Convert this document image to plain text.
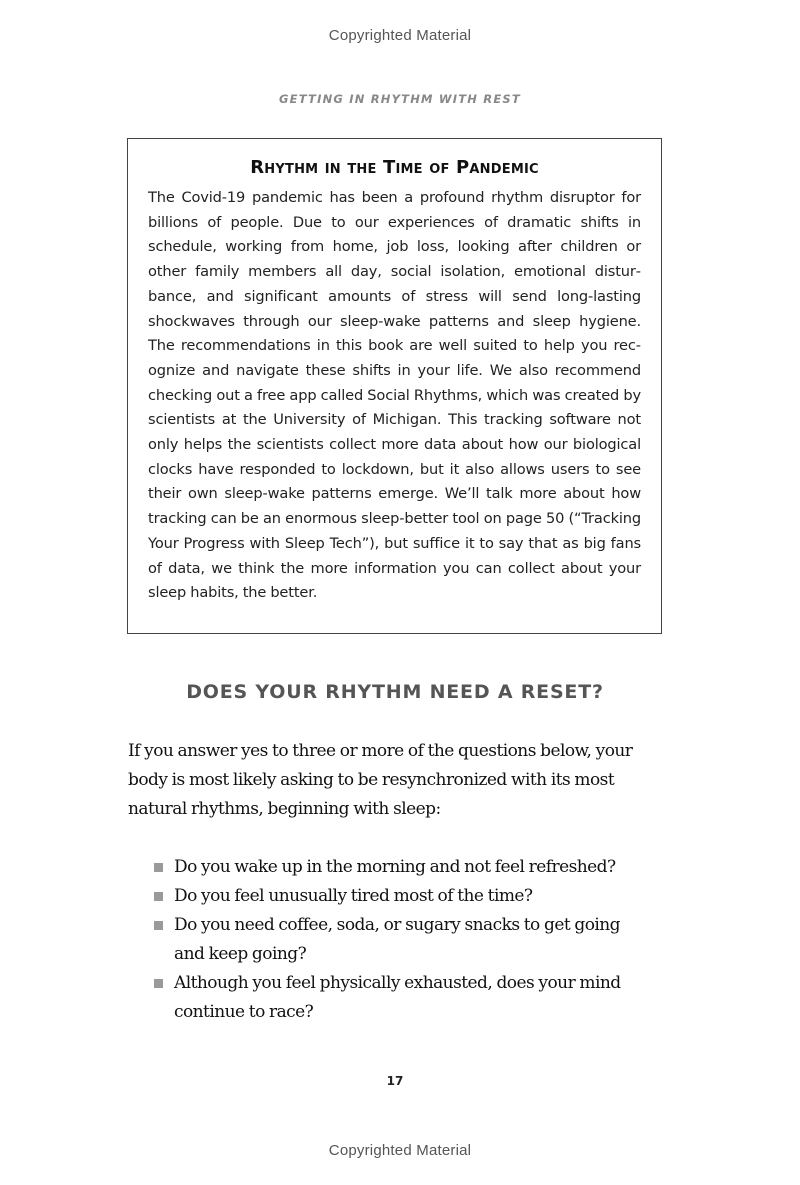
Copyrighted Material
GETTING IN RHYTHM WITH REST
Rhythm in the Time of Pandemic

The Covid-19 pandemic has been a profound rhythm disruptor for billions of people. Due to our experiences of dramatic shifts in schedule, working from home, job loss, looking after children or other family members all day, social isolation, emotional disturbance, and significant amounts of stress will send long-lasting shockwaves through our sleep-wake patterns and sleep hygiene. The recommendations in this book are well suited to help you recognize and navigate these shifts in your life. We also recommend checking out a free app called Social Rhythms, which was created by scientists at the University of Michigan. This tracking software not only helps the scientists collect more data about how our biological clocks have responded to lockdown, but it also allows users to see their own sleep-wake patterns emerge. We’ll talk more about how tracking can be an enormous sleep-better tool on page 50 (“Tracking Your Progress with Sleep Tech”), but suffice it to say that as big fans of data, we think the more information you can collect about your sleep habits, the better.

DOES YOUR RHYTHM NEED A RESET?

If you answer yes to three or more of the questions below, your body is most likely asking to be resynchronized with its most natural rhythms, beginning with sleep:

Do you wake up in the morning and not feel refreshed?
Do you feel unusually tired most of the time?
Do you need coffee, soda, or sugary snacks to get going and keep going?
Although you feel physically exhausted, does your mind continue to race?
17
Copyrighted Material
